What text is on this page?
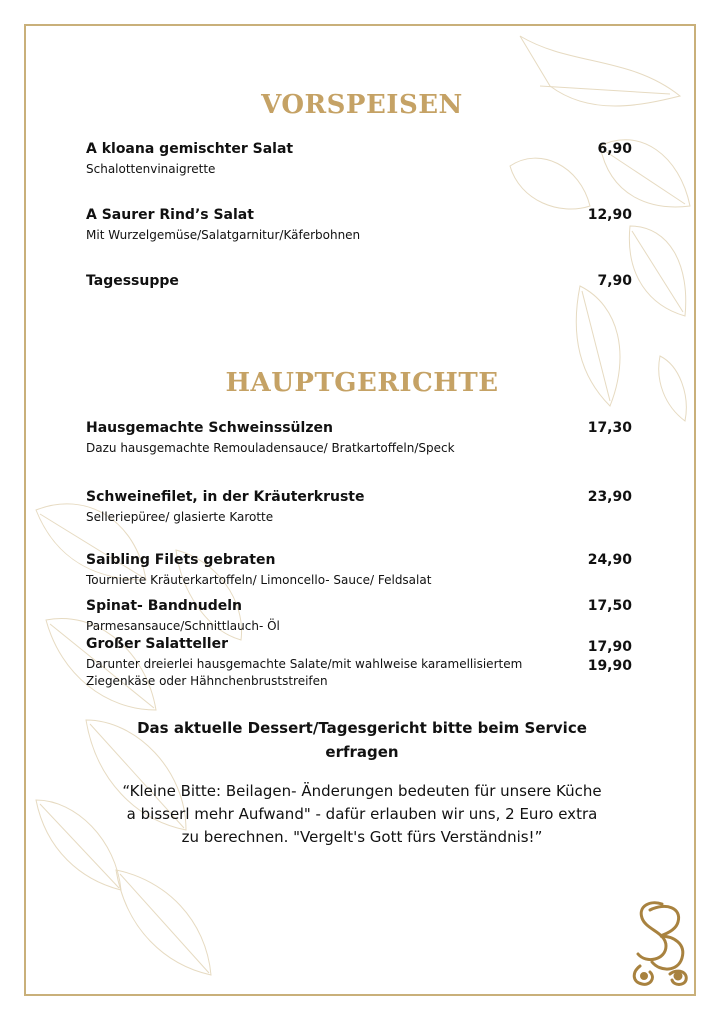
VORSPEISEN
A kloana gemischter Salat
Schalottenvinaigrette
6,90
A Saurer Rind’s Salat
Mit Wurzelgemüse/Salatgarnitur/Käferbohnen
12,90
Tagessuppe	7,90
HAUPTGERICHTE
Hausgemachte Schweinssülzen
Dazu hausgemachte Remouladensauce/ Bratkartoffeln/Speck
17,30
Schweinefilet, in der Kräuterkruste
Selleriepüree/ glasierte Karotte
23,90
Saibling Filets gebraten
Tournierte Kräuterkartoffeln/ Limoncello- Sauce/ Feldsalat
24,90
Spinat- Bandnudeln
Parmesansauce/Schnittlauch- Öl
17,50
Großer Salatteller
Darunter dreierlei hausgemachte Salate/mit wahlweise karamellisiertem Ziegenkäse oder Hähnchenbruststreifen
17,90
19,90
Das aktuelle Dessert/Tagesgericht bitte beim Service
erfragen
“Kleine Bitte: Beilagen- Änderungen bedeuten für unsere Küche
a bisserl mehr Aufwand" - dafür erlauben wir uns, 2 Euro extra
zu berechnen. "Vergelt's Gott fürs Verständnis!”
SB
